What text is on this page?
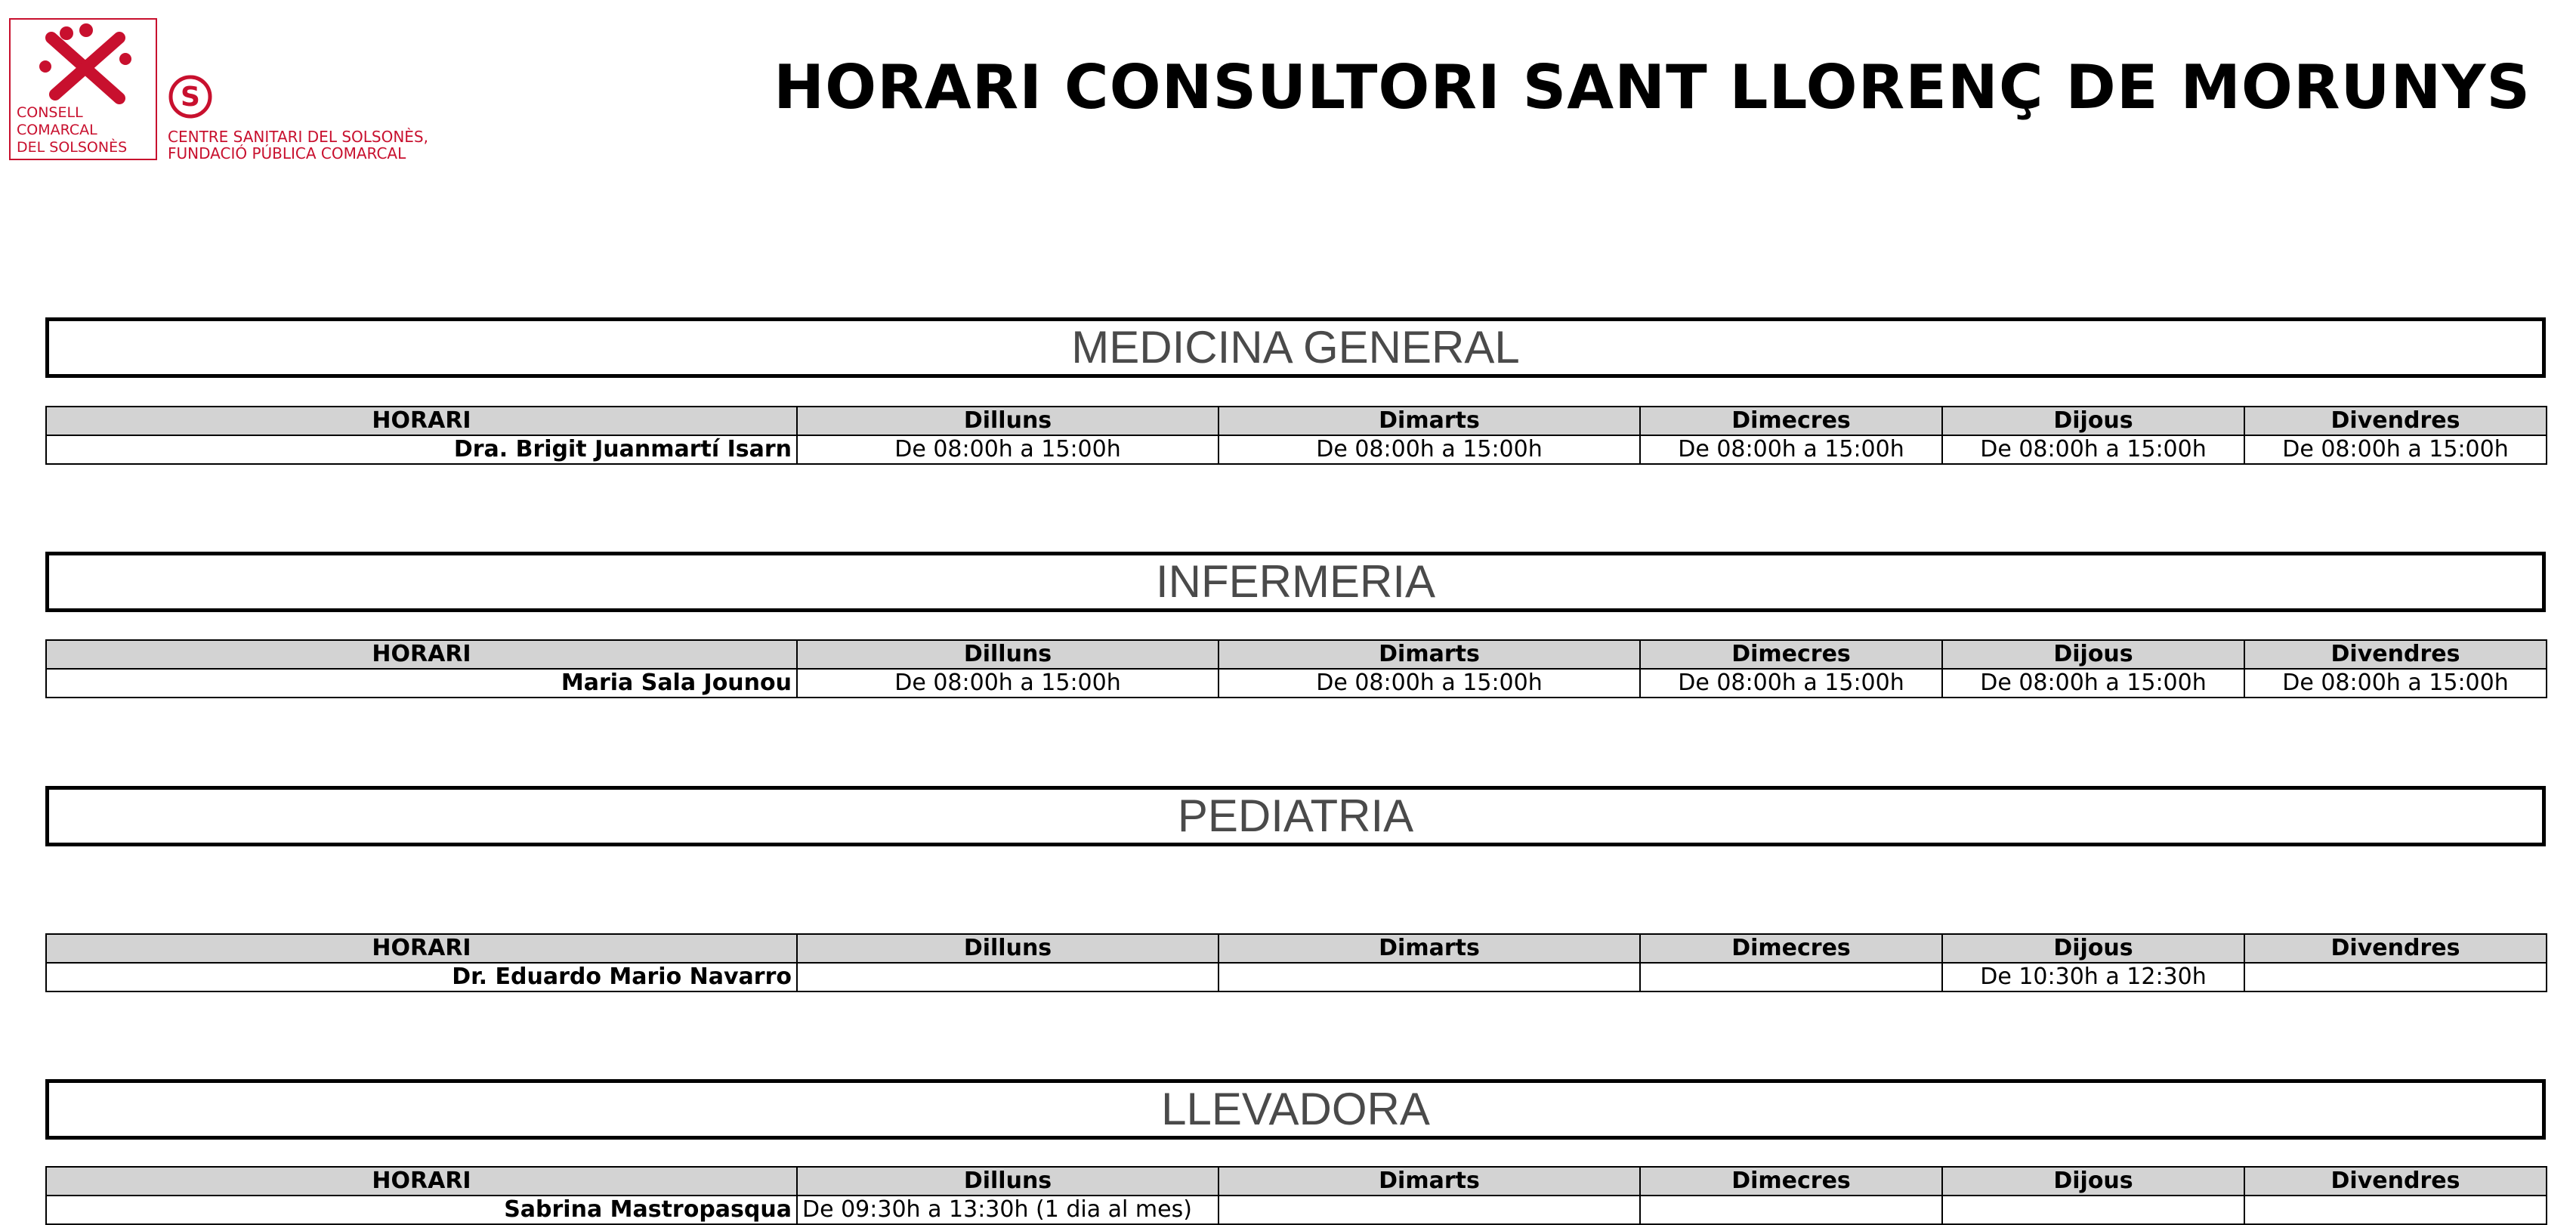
CONSELL
COMARCAL
DEL SOLSONÈS
S
CENTRE SANITARI DEL SOLSONÈS,
FUNDACIÓ PÚBLICA COMARCAL
HORARI CONSULTORI SANT LLORENÇ DE MORUNYS
MEDICINA GENERAL
HORARI	Dilluns	Dimarts	Dimecres	Dijous	Divendres
Dra. Brigit Juanmartí Isarn	De 08:00h a 15:00h	De 08:00h a 15:00h	De 08:00h a 15:00h	De 08:00h a 15:00h	De 08:00h a 15:00h
INFERMERIA
HORARI	Dilluns	Dimarts	Dimecres	Dijous	Divendres
Maria Sala Jounou	De 08:00h a 15:00h	De 08:00h a 15:00h	De 08:00h a 15:00h	De 08:00h a 15:00h	De 08:00h a 15:00h
PEDIATRIA
HORARI	Dilluns	Dimarts	Dimecres	Dijous	Divendres
Dr. Eduardo Mario Navarro				De 10:30h a 12:30h	
LLEVADORA
HORARI	Dilluns	Dimarts	Dimecres	Dijous	Divendres
Sabrina Mastropasqua	De 09:30h a 13:30h (1 dia al mes)				
